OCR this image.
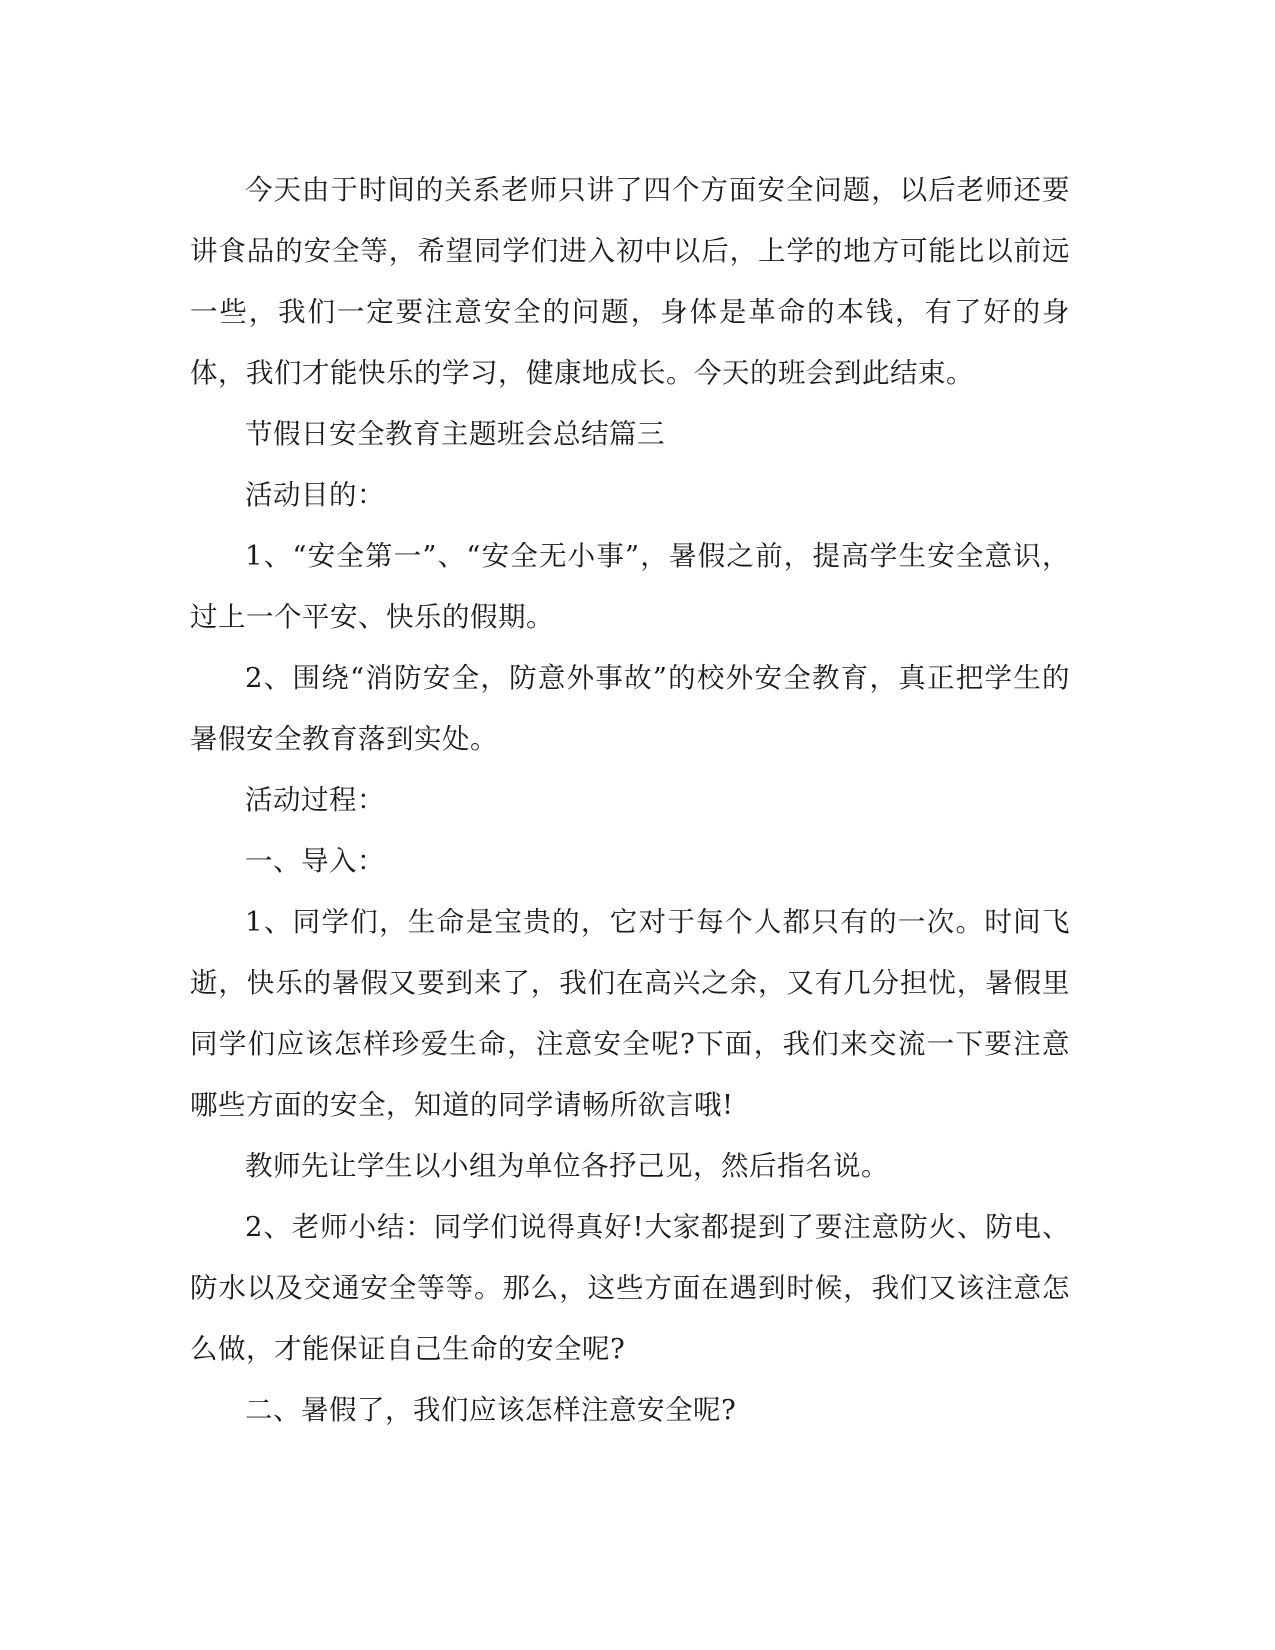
今天由于时间的关系老师只讲了四个方面安全问题，以后老师还要讲食品的安全等，希望同学们进入初中以后，上学的地方可能比以前远一些，我们一定要注意安全的问题，身体是革命的本钱，有了好的身体，我们才能快乐的学习，健康地成长。今天的班会到此结束。

节假日安全教育主题班会总结篇三

活动目的：

1、“安全第一”、“安全无小事”，暑假之前，提高学生安全意识，过上一个平安、快乐的假期。

2、围绕“消防安全，防意外事故”的校外安全教育，真正把学生的暑假安全教育落到实处。

活动过程：

一、导入：

1、同学们，生命是宝贵的，它对于每个人都只有的一次。时间飞逝，快乐的暑假又要到来了，我们在高兴之余，又有几分担忧，暑假里同学们应该怎样珍爱生命，注意安全呢?下面，我们来交流一下要注意哪些方面的安全，知道的同学请畅所欲言哦!

教师先让学生以小组为单位各抒己见，然后指名说。

2、老师小结：同学们说得真好!大家都提到了要注意防火、防电、防水以及交通安全等等。那么，这些方面在遇到时候，我们又该注意怎么做，才能保证自己生命的安全呢?

二、暑假了，我们应该怎样注意安全呢?
